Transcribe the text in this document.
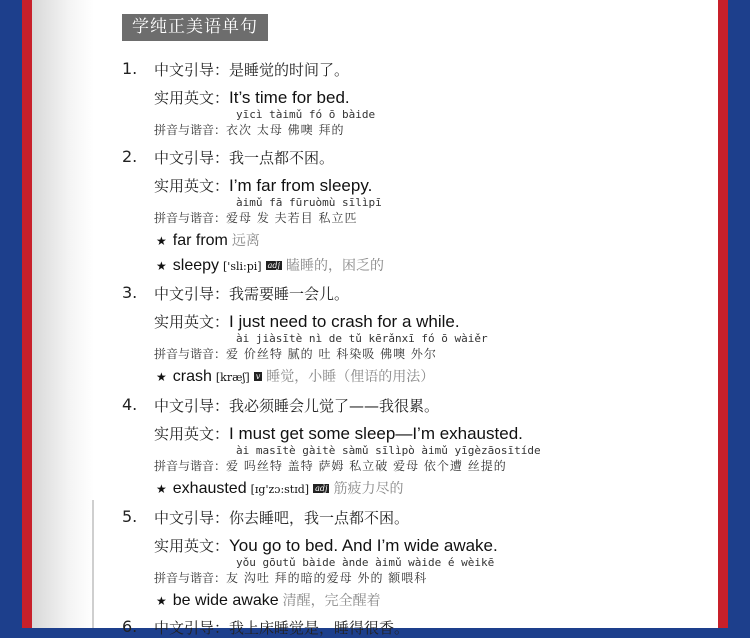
学纯正美语单句
1. 中文引导：是睡觉的时间了。
实用英文：It’s time for bed.
yīcì tàimǔ fó ō bàide
拼音与谐音：衣次 太母 佛噢 拜的
2. 中文引导：我一点都不困。
实用英文：I’m far from sleepy.
àimǔ fā fūruòmù sīlìpī
拼音与谐音：爱母 发 夫若目 私立匹
★ far from 远离
★ sleepy ['sli:pi] adj 瞌睡的，困乏的
3. 中文引导：我需要睡一会儿。
实用英文：I just need to crash for a while.
ài jiàsītè nì de tǔ kērǎnxī fó ō wàiěr
拼音与谐音：爱 价丝特 腻的 吐 科染吸 佛噢 外尔
★ crash [kræʃ] v 睡觉，小睡（俚语的用法）
4. 中文引导：我必须睡会儿觉了——我很累。
实用英文：I must get some sleep—I’m exhausted.
ài masītè gàitè sàmǔ sīlìpò àimǔ yīgèzāosītíde
拼音与谐音：爱 吗丝特 盖特 萨姆 私立破 爱母 依个遭 丝提的
★ exhausted [ɪg'zɔ:stɪd] adj 筋疲力尽的
5. 中文引导：你去睡吧，我一点都不困。
实用英文：You go to bed. And I’m wide awake.
yǒu gōutǔ bàide ànde àimǔ wàide é wèikē
拼音与谐音：友 沟吐 拜的暗的爱母 外的 额喂科
★ be wide awake 清醒，完全醒着
6. 中文引导：我上床睡觉是，睡得很香。
